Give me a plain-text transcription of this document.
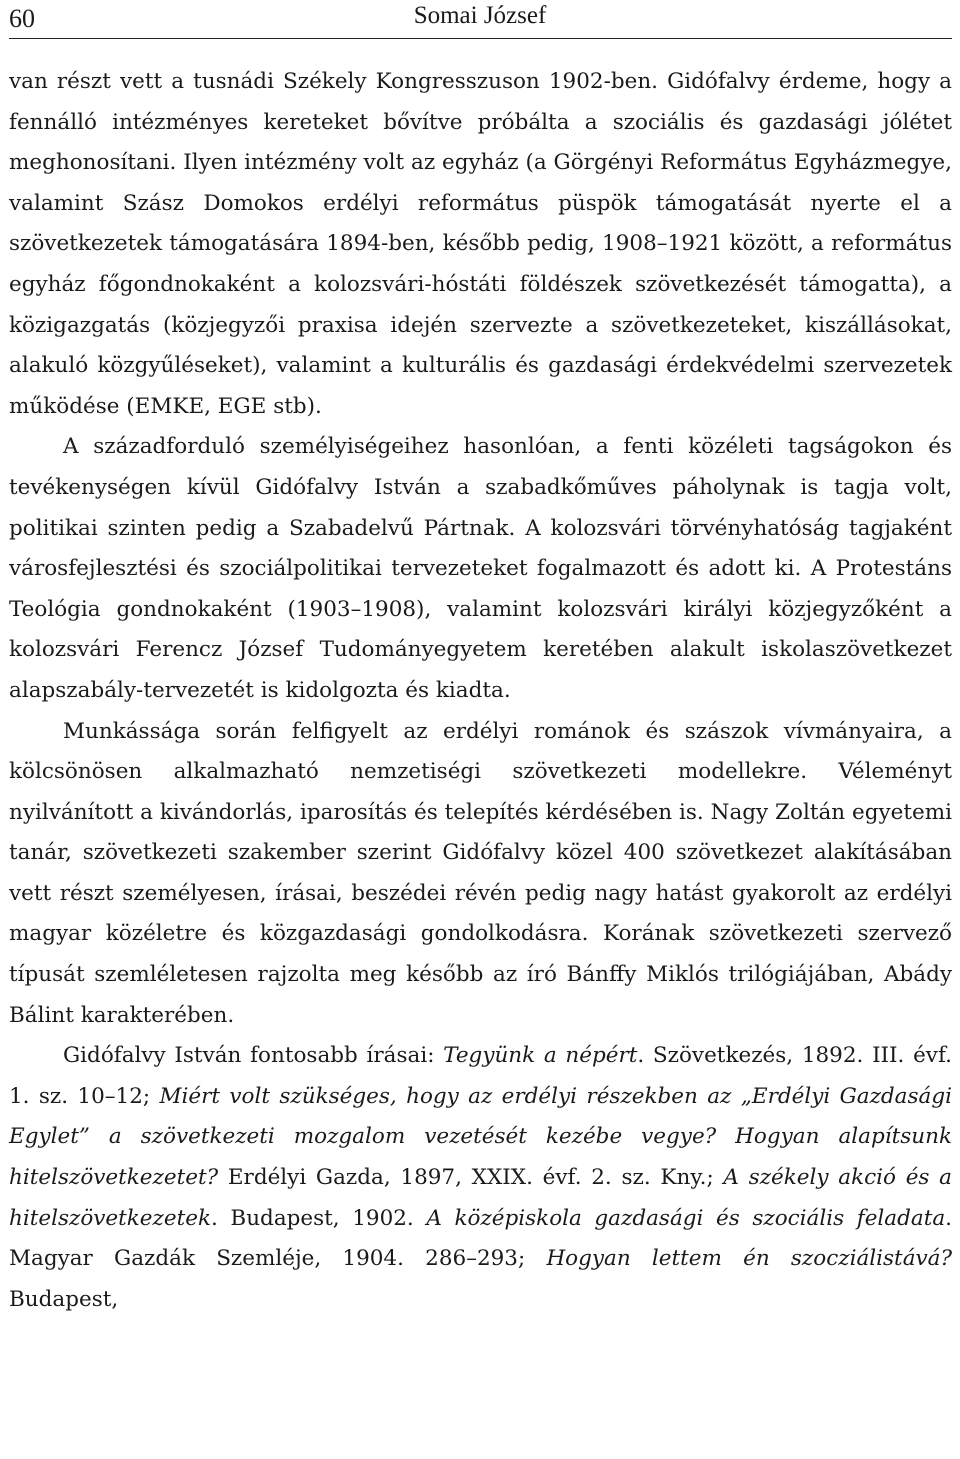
60	Somai József

van részt vett a tusnádi Székely Kongresszuson 1902-ben. Gidófalvy érdeme, hogy a fennálló intézményes kereteket bővítve próbálta a szociális és gazdasági jólétet meghonosítani. Ilyen intézmény volt az egyház (a Görgényi Református Egyházmegye, valamint Szász Domokos erdélyi református püspök támogatását nyerte el a szövetkezetek támogatására 1894-ben, később pedig, 1908–1921 között, a református egyház főgondnokaként a kolozsvári-hóstáti földészek szövetkezését támogatta), a közigazgatás (közjegyzői praxisa idején szervezte a szövetkezeteket, kiszállásokat, alakuló közgyűléseket), valamint a kulturális és gazdasági érdekvédelmi szervezetek működése (EMKE, EGE stb).

A századforduló személyiségeihez hasonlóan, a fenti közéleti tagságokon és tevékenységen kívül Gidófalvy István a szabadkőműves páholynak is tagja volt, politikai szinten pedig a Szabadelvű Pártnak. A kolozsvári törvényhatóság tagjaként városfejlesztési és szociálpolitikai tervezeteket fogalmazott és adott ki. A Protestáns Teológia gondnokaként (1903–1908), valamint kolozsvári királyi közjegyzőként a kolozsvári Ferencz József Tudományegyetem keretében alakult iskolaszövetkezet alapszabály-tervezetét is kidolgozta és kiadta.

Munkássága során felfigyelt az erdélyi románok és szászok vívmányaira, a kölcsönösen alkalmazható nemzetiségi szövetkezeti modellekre. Véleményt nyilvánított a kivándorlás, iparosítás és telepítés kérdésében is. Nagy Zoltán egyetemi tanár, szövetkezeti szakember szerint Gidófalvy közel 400 szövetkezet alakításában vett részt személyesen, írásai, beszédei révén pedig nagy hatást gyakorolt az erdélyi magyar közéletre és közgazdasági gondolkodásra. Korának szövetkezeti szervező típusát szemléletesen rajzolta meg később az író Bánffy Miklós trilógiájában, Abády Bálint karakterében.

Gidófalvy István fontosabb írásai: Tegyünk a népért. Szövetkezés, 1892. III. évf. 1. sz. 10–12; Miért volt szükséges, hogy az erdélyi részekben az „Erdélyi Gazdasági Egylet” a szövetkezeti mozgalom vezetését kezébe vegye? Hogyan alapítsunk hitelszövetkezetet? Erdélyi Gazda, 1897, XXIX. évf. 2. sz. Kny.; A székely akció és a hitelszövetkezetek. Budapest, 1902. A középiskola gazdasági és szociális feladata. Magyar Gazdák Szemléje, 1904. 286–293; Hogyan lettem én szocziálistává? Budapest,
